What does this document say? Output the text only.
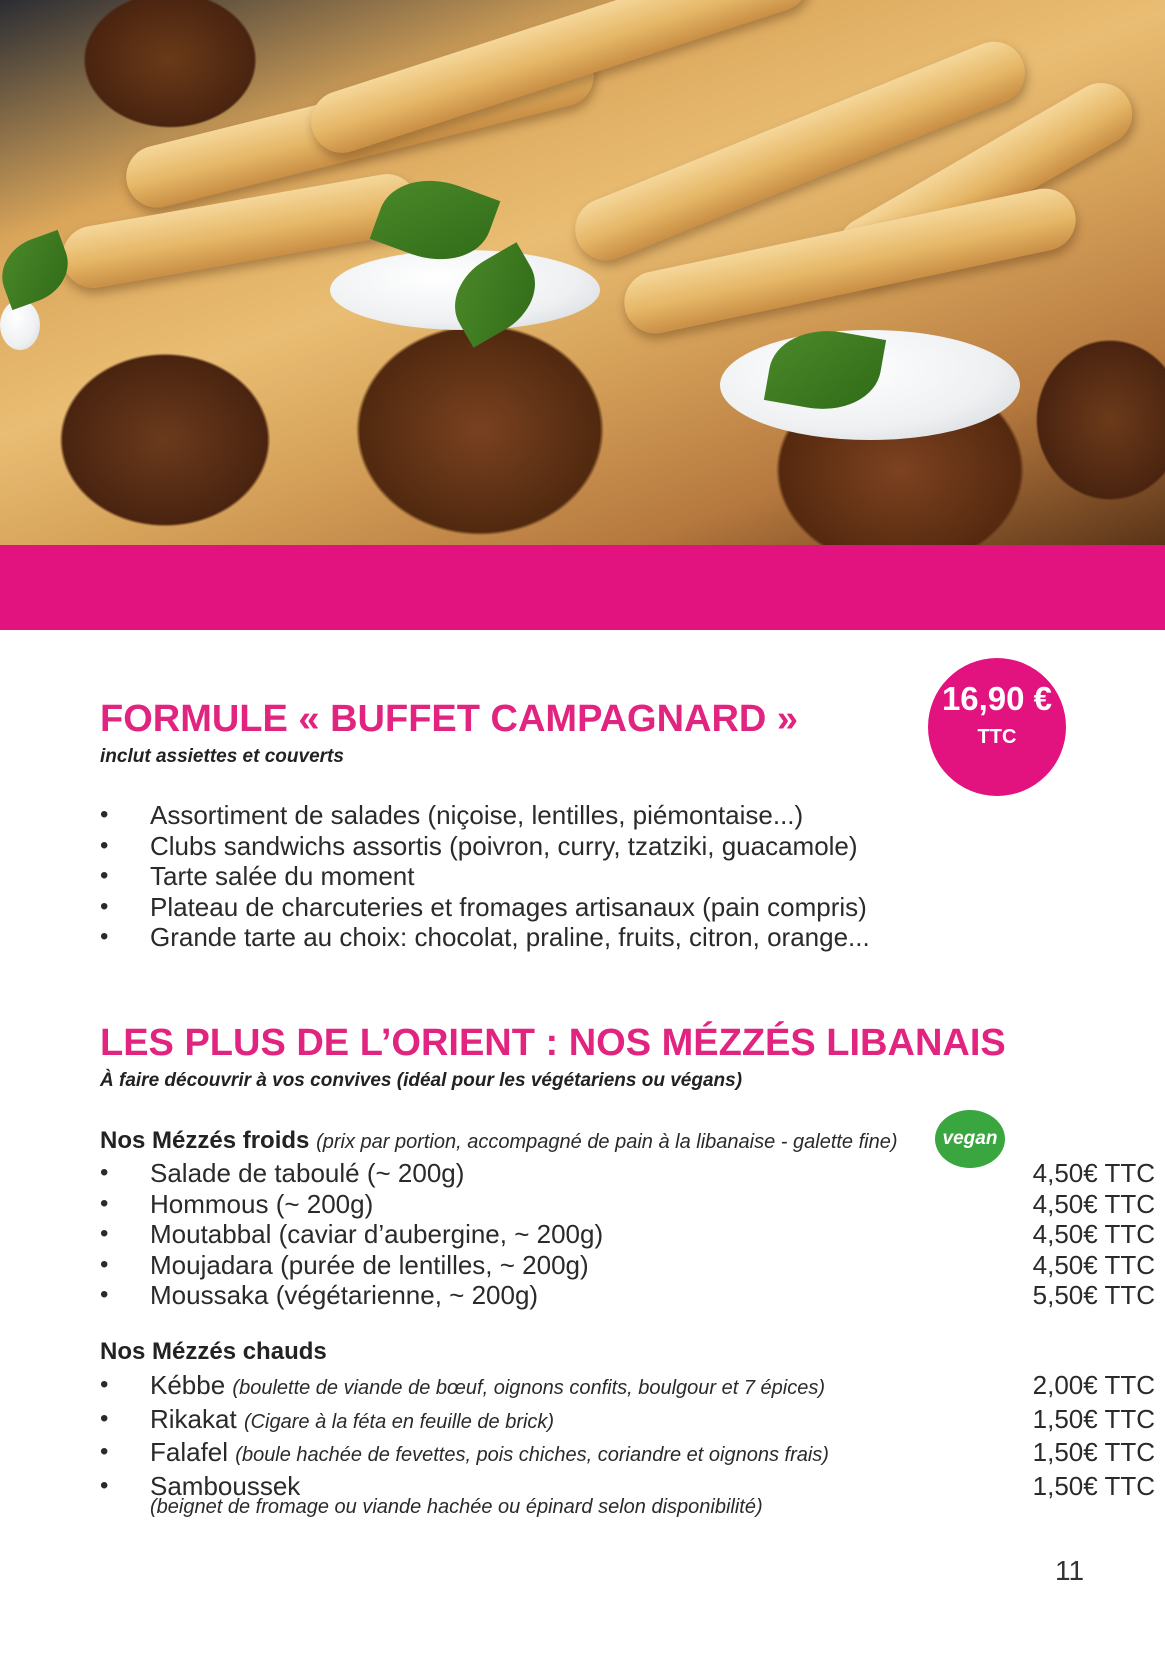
FORMULE « BUFFET CAMPAGNARD »

inclut assiettes et couverts

16,90 €
TTC
• Assortiment de salades (niçoise, lentilles, piémontaise...)
• Clubs sandwichs assortis (poivron, curry, tzatziki, guacamole)
• Tarte salée du moment
• Plateau de charcuteries et fromages artisanaux (pain compris)
• Grande tarte au choix: chocolat, praline, fruits, citron, orange...
LES PLUS DE L’ORIENT : NOS MÉZZÉS LIBANAIS

À faire découvrir à vos convives (idéal pour les végétariens ou végans)

Nos Mézzés froids (prix par portion, accompagné de pain à la libanaise - galette fine)	vegan
• Salade de taboulé (~ 200g)	4,50€ TTC
• Hommous (~ 200g)	4,50€ TTC
• Moutabbal (caviar d’aubergine, ~ 200g)	4,50€ TTC
• Moujadara (purée de lentilles, ~ 200g)	4,50€ TTC
• Moussaka (végétarienne, ~ 200g)	5,50€ TTC

Nos Mézzés chauds

• Kébbe (boulette de viande de bœuf, oignons confits, boulgour et 7 épices)	2,00€ TTC
• Rikakat (Cigare à la féta en feuille de brick)	1,50€ TTC
• Falafel (boule hachée de fevettes, pois chiches, coriandre et oignons frais)	1,50€ TTC
• Samboussek	1,50€ TTC

(beignet de fromage ou viande hachée ou épinard selon disponibilité)

11
